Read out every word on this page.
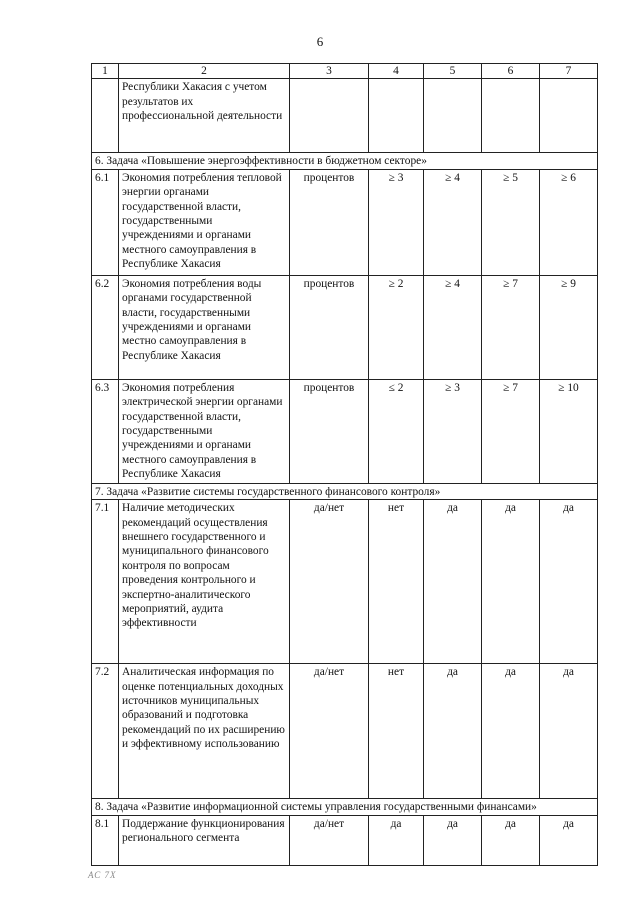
6
1	2	3	4	5	6	7
	Республики Хакасия с учетом результатов их профессиональной деятельности					
6. Задача «Повышение энергоэффективности в бюджетном секторе»						
6.1	Экономия потребления тепловой энергии органами государственной власти, государственными учреждениями и органами местного самоуправления в Республике Хакасия	процентов	≥ 3	≥ 4	≥ 5	≥ 6
6.2	Экономия потребления воды органами государственной власти, государственными учреждениями и органами местно самоуправления в Республике Хакасия	процентов	≥ 2	≥ 4	≥ 7	≥ 9
6.3	Экономия потребления электрической энергии органами государственной власти, государственными учреждениями и органами местного самоуправления в Республике Хакасия	процентов	≤ 2	≥ 3	≥ 7	≥ 10
7. Задача «Развитие системы государственного финансового контроля»						
7.1	Наличие методических рекомендаций осуществления внешнего государственного и муниципального финансового контроля по вопросам проведения контрольного и экспертно-аналитического мероприятий, аудита эффективности	да/нет	нет	да	да	да
7.2	Аналитическая информация по оценке потенциальных доходных источников муниципальных образований и подготовка рекомендаций по их расширению и эффективному использованию	да/нет	нет	да	да	да
8. Задача «Развитие информационной системы управления государственными финансами»						
8.1	Поддержание функционирования регионального сегмента	да/нет	да	да	да	да
АС 7Х
